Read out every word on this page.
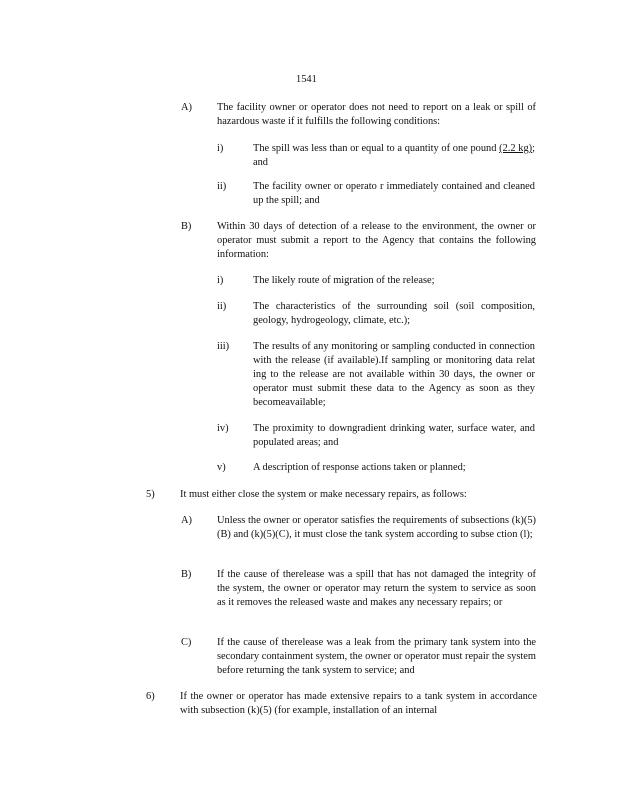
1541
A) The facility owner or operator does not need to report on a leak or spill of hazardous waste if it fulfills the following conditions:
i)	The spill was less than or equal to a quantity of one pound (2.2 kg); and
ii)	The facility owner or operato r immediately contained and cleaned up the spill; and
B) Within 30 days of detection of a release to the environment, the owner or operator must submit a report to the Agency that contains the following information:
i)	The likely route of migration of the release;
ii)	The characteristics of the surrounding soil (soil composition, geology, hydrogeology, climate, etc.);
iii) The results of any monitoring or sampling conducted in connection with the release (if available).If sampling or monitoring data relat ing to the release are not available within 30 days, the owner or operator must submit these data to the Agency as soon as they becomeavailable;
iv) The proximity to downgradient drinking water, surface water, and populated areas; and
v)	A description of response actions taken or planned;
5) It must either close the system or make necessary repairs, as follows:
A) Unless the owner or operator satisfies the requirements of subsections (k)(5)(B) and (k)(5)(C), it must close the tank system according to subse ction (l);
B) If the cause of therelease was a spill that has not damaged the integrity of the system, the owner or operator may return the system to service as soon as it removes the released waste and makes any necessary repairs; or
C) If the cause of therelease was a leak from the primary tank system into the secondary containment system, the owner or operator must repair the system before returning the tank system to service; and
6) If the owner or operator has made extensive repairs to a tank system in accordance with subsection (k)(5) (for example, installation of an internal
